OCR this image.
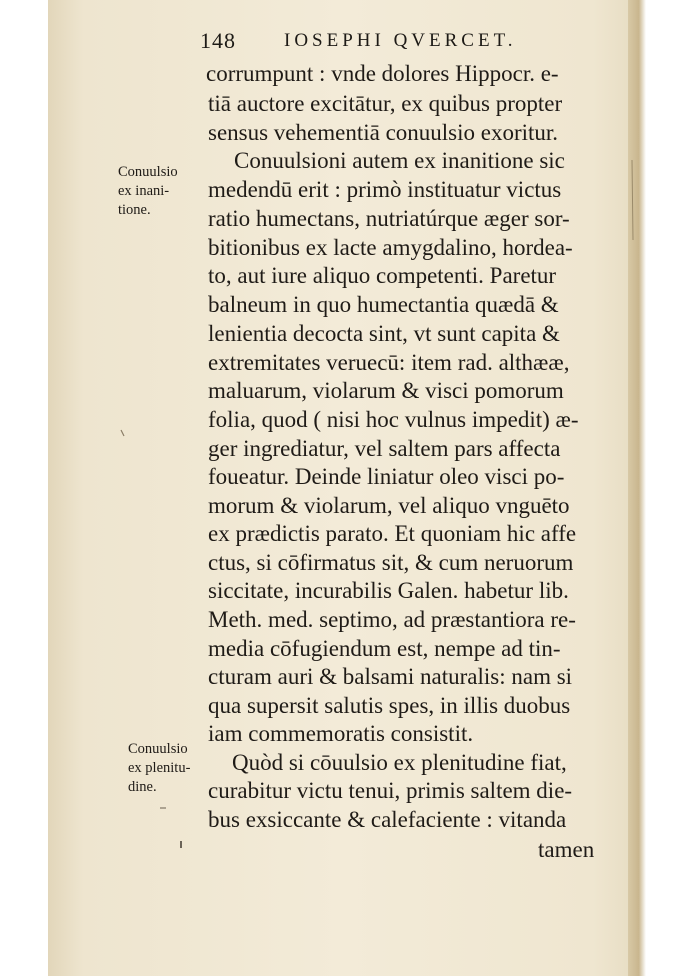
148	IOSEPHI QVERCET.
corrumpunt : vnde dolores Hippocr. e-
tiā auctore excitātur, ex quibus propter
sensus vehementiā conuulsio exoritur.
Conuulsioni autem ex inanitione sic
medendū erit : primò instituatur victus
ratio humectans, nutriatúrque æger sor-
bitionibus ex lacte amygdalino, hordea-
to, aut iure aliquo competenti. Paretur
balneum in quo humectantia quædā &
lenientia decocta sint, vt sunt capita &
extremitates veruecū: item rad. althææ,
maluarum, violarum & visci pomorum
folia, quod ( nisi hoc vulnus impedit) æ-
ger ingrediatur, vel saltem pars affecta
foueatur. Deinde liniatur oleo visci po-
morum & violarum, vel aliquo vnguēto
ex prædictis parato. Et quoniam hic affe
ctus, si cōfirmatus sit, & cum neruorum
siccitate, incurabilis Galen. habetur lib.
Meth. med. septimo, ad præstantiora re-
media cōfugiendum est, nempe ad tin-
cturam auri & balsami naturalis: nam si
qua supersit salutis spes, in illis duobus
iam commemoratis consistit.
Quòd si cōuulsio ex plenitudine fiat,
curabitur victu tenui, primis saltem die-
bus exsiccante & calefaciente : vitanda
tamen
Conuulsio
ex inani-
tione.
Conuulsio
ex plenitu-
dine.
